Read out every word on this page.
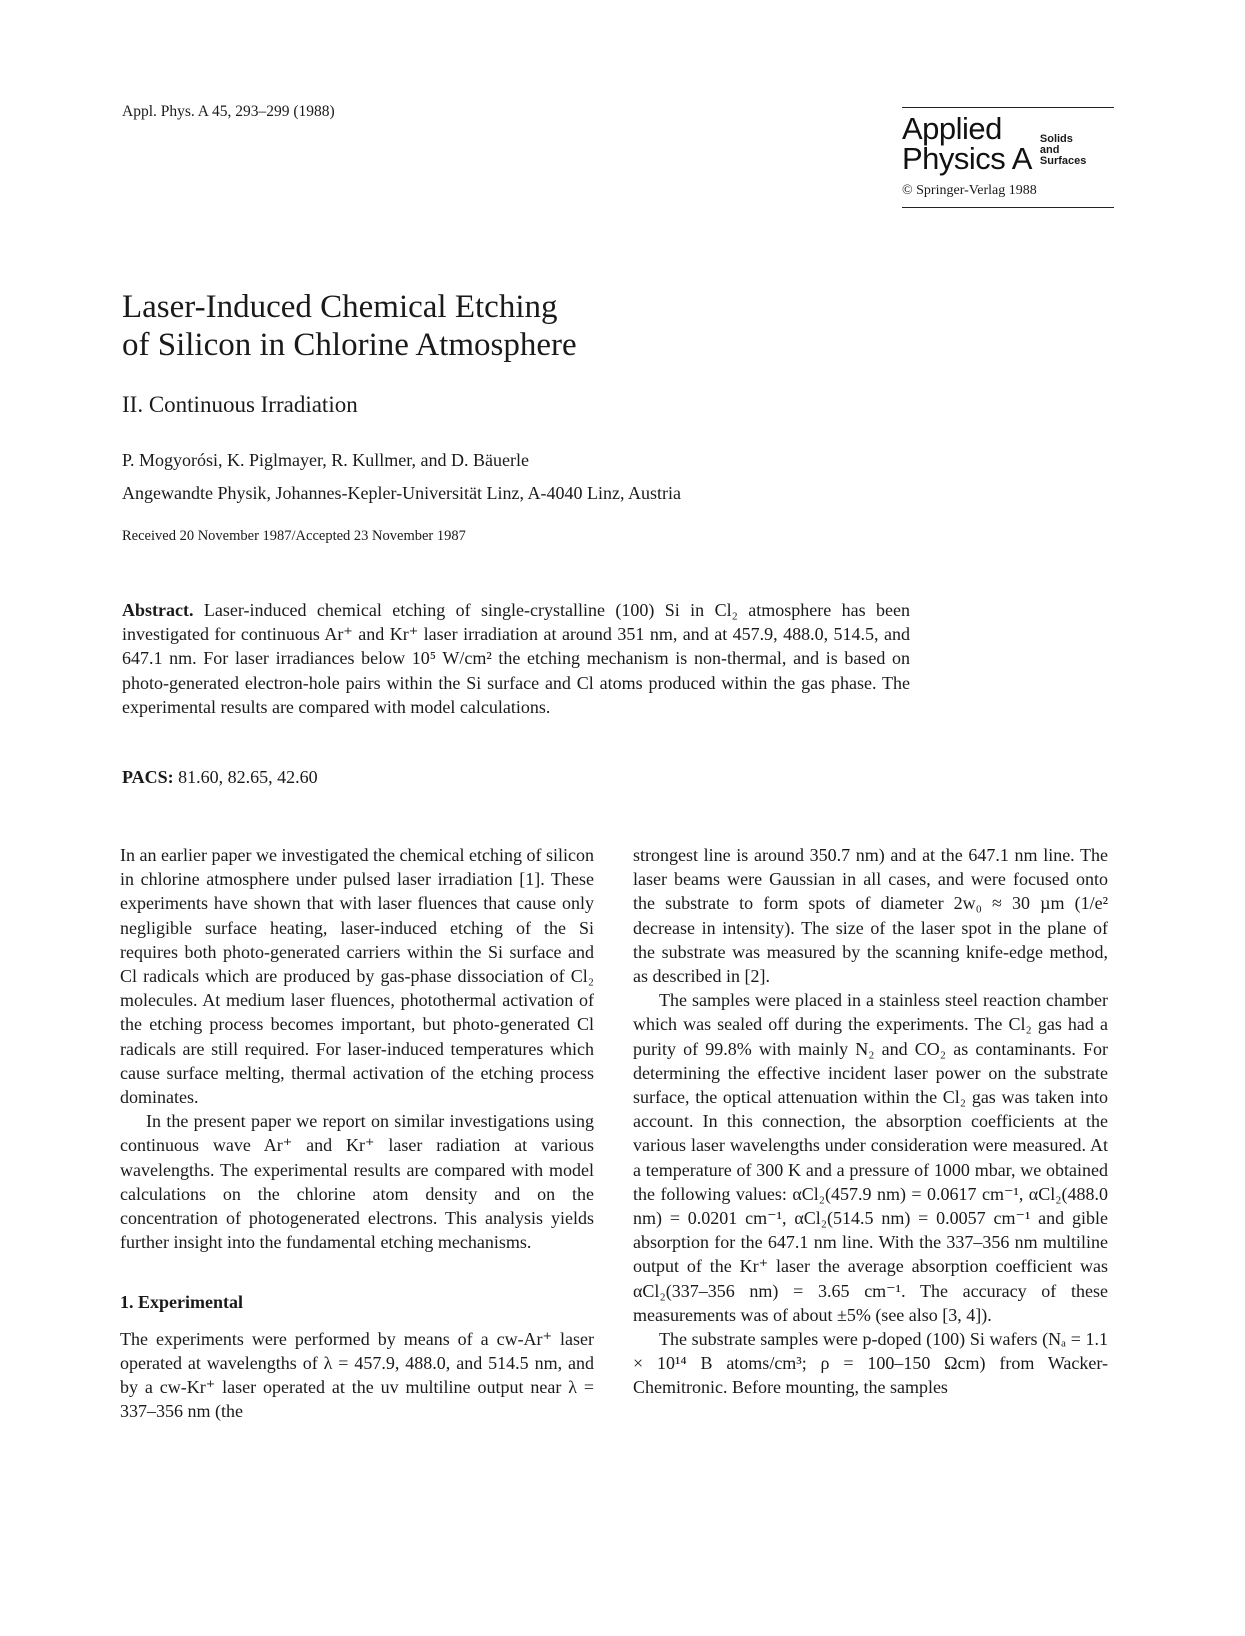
Appl. Phys. A 45, 293–299 (1988)	Applied
Physics A
Solids
and
Surfaces
© Springer-Verlag 1988
Laser-Induced Chemical Etching
of Silicon in Chlorine Atmosphere
II. Continuous Irradiation
P. Mogyorósi, K. Piglmayer, R. Kullmer, and D. Bäuerle
Angewandte Physik, Johannes-Kepler-Universität Linz, A-4040 Linz, Austria
Received 20 November 1987/Accepted 23 November 1987
Abstract. Laser-induced chemical etching of single-crystalline (100) Si in Cl₂ atmosphere has been investigated for continuous Ar⁺ and Kr⁺ laser irradiation at around 351 nm, and at 457.9, 488.0, 514.5, and 647.1 nm. For laser irradiances below 10⁵ W/cm² the etching mechanism is non-thermal, and is based on photo-generated electron-hole pairs within the Si surface and Cl atoms produced within the gas phase. The experimental results are compared with model calculations.
PACS: 81.60, 82.65, 42.60

In an earlier paper we investigated the chemical etching of silicon in chlorine atmosphere under pulsed laser irradiation [1]. These experiments have shown that with laser fluences that cause only negligible surface heating, laser-induced etching of the Si requires both photo-generated carriers within the Si surface and Cl radicals which are produced by gas-phase dissociation of Cl₂ molecules. At medium laser fluences, photothermal activation of the etching process becomes important, but photo-generated Cl radicals are still required. For laser-induced temperatures which cause surface melting, thermal activation of the etching process dominates.

In the present paper we report on similar investigations using continuous wave Ar⁺ and Kr⁺ laser radiation at various wavelengths. The experimental results are compared with model calculations on the chlorine atom density and on the concentration of photogenerated electrons. This analysis yields further insight into the fundamental etching mechanisms.

1. Experimental

The experiments were performed by means of a cw-Ar⁺ laser operated at wavelengths of λ = 457.9, 488.0, and 514.5 nm, and by a cw-Kr⁺ laser operated at the uv multiline output near λ = 337–356 nm (the

strongest line is around 350.7 nm) and at the 647.1 nm line. The laser beams were Gaussian in all cases, and were focused onto the substrate to form spots of diameter 2w₀ ≈ 30 µm (1/e² decrease in intensity). The size of the laser spot in the plane of the substrate was measured by the scanning knife-edge method, as described in [2].

The samples were placed in a stainless steel reaction chamber which was sealed off during the experiments. The Cl₂ gas had a purity of 99.8% with mainly N₂ and CO₂ as contaminants. For determining the effective incident laser power on the substrate surface, the optical attenuation within the Cl₂ gas was taken into account. In this connection, the absorption coefficients at the various laser wavelengths under consideration were measured. At a temperature of 300 K and a pressure of 1000 mbar, we obtained the following values: αCl₂(457.9 nm) = 0.0617 cm⁻¹, αCl₂(488.0 nm) = 0.0201 cm⁻¹, αCl₂(514.5 nm) = 0.0057 cm⁻¹ and gible absorption for the 647.1 nm line. With the 337–356 nm multiline output of the Kr⁺ laser the average absorption coefficient was αCl₂(337–356 nm) = 3.65 cm⁻¹. The accuracy of these measurements was of about ±5% (see also [3, 4]).

The substrate samples were p-doped (100) Si wafers (Nₐ = 1.1 × 10¹⁴ B atoms/cm³; ρ = 100–150 Ωcm) from Wacker-Chemitronic. Before mounting, the samples
